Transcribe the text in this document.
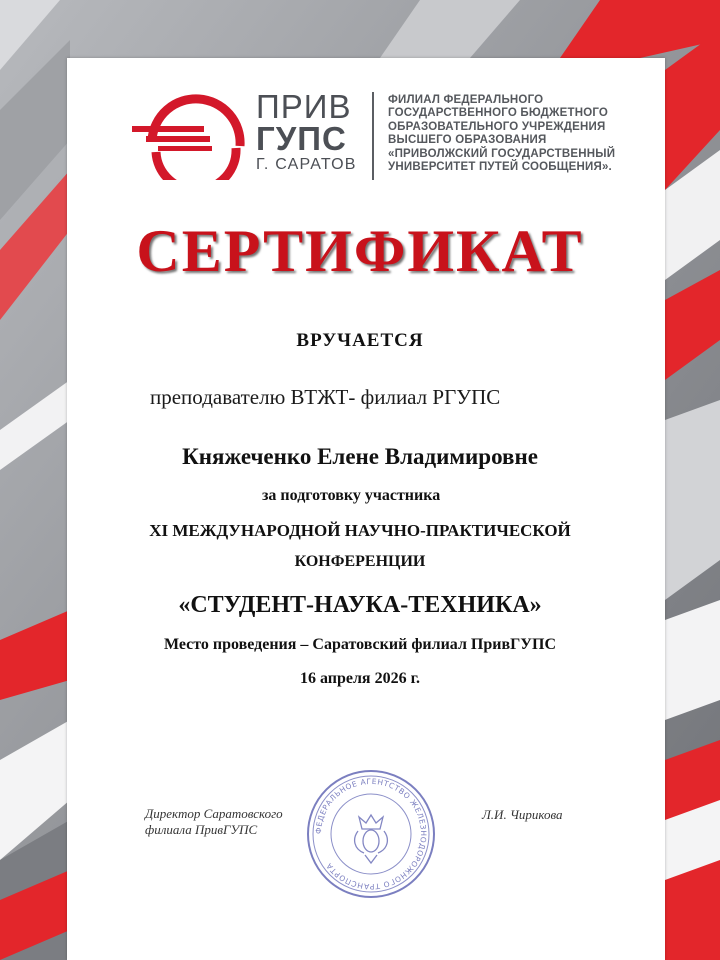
ПРИВ
ГУПС
Г. САРАТОВ

ФИЛИАЛ ФЕДЕРАЛЬНОГО
ГОСУДАРСТВЕННОГО БЮДЖЕТНОГО
ОБРАЗОВАТЕЛЬНОГО УЧРЕЖДЕНИЯ
ВЫСШЕГО ОБРАЗОВАНИЯ
«ПРИВОЛЖСКИЙ ГОСУДАРСТВЕННЫЙ
УНИВЕРСИТЕТ ПУТЕЙ СООБЩЕНИЯ».

СЕРТИФИКАТ
ВРУЧАЕТСЯ
преподавателю ВТЖТ- филиал РГУПС
Княжеченко Елене Владимировне
за подготовку участника
XI МЕЖДУНАРОДНОЙ НАУЧНО-ПРАКТИЧЕСКОЙ
КОНФЕРЕНЦИИ
«СТУДЕНТ-НАУКА-ТЕХНИКА»
Место проведения – Саратовский филиал ПривГУПС
16 апреля 2026 г.

Директор Саратовского
филиала ПривГУПС

Л.И. Чирикова
ФЕДЕРАЛЬНОЕ АГЕНТСТВО ЖЕЛЕЗНОДОРОЖНОГО ТРАНСПОРТА
